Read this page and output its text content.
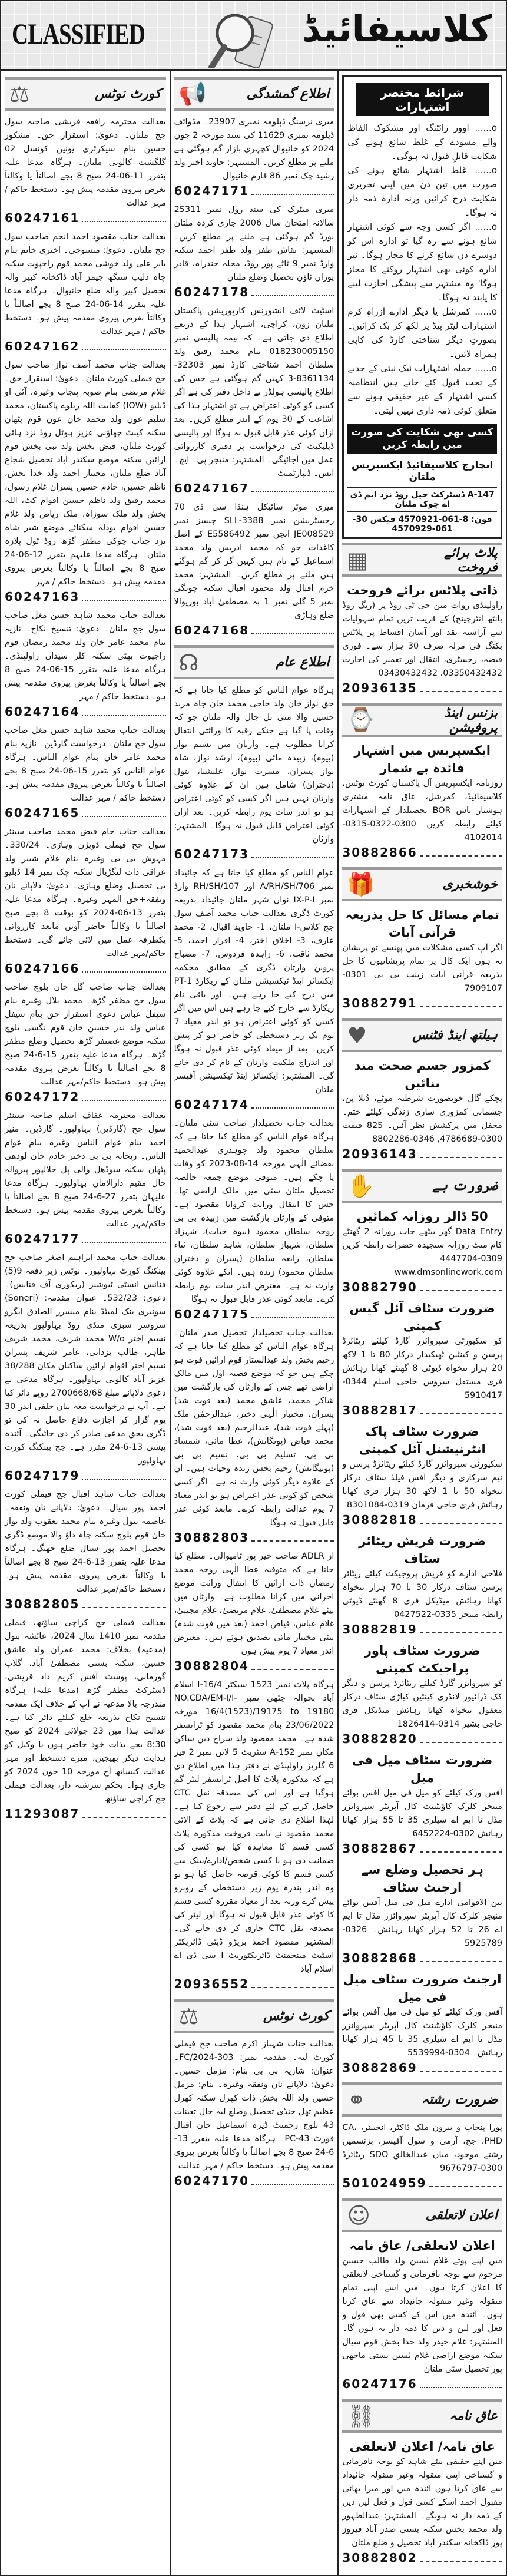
CLASSIFIED	کلاسیفائیڈ
شرائط مختصر اشتہارات
o...... اوور رائٹنگ اور مشکوک الفاظ والے مسودے کے غلط شائع ہونے کی شکایت قابلِ قبول نہ ہوگی۔
o...... غلط اشتہار شائع ہونے کی صورت میں تین دن میں اپنی تحریری شکایت درج کرائیں ورنہ ادارہ ذمہ دار نہ ہوگا۔
o...... اگر کسی وجہ سے کوئی اشتہار شائع ہونے سے رہ گیا تو ادارہ اس کو دوسرے دن شائع کرنے کا مجاز ہوگا۔ نیز ادارہ کوئی بھی اشتہار روکنے کا مجاز ہوگا' وہ مشتہر سے پیشگی اجازت لینے کا پابند نہ ہوگا۔
o...... کمرشل یا دیگر ادارے ازراہِ کرم اشتہارات لیٹر پیڈ پر لکھ کر بک کرائیں۔ بصورتِ دیگر شناختی کارڈ کی کاپی ہمراہ لائیں۔
o...... جملہ اشتہارات نیک نیتی کے جذبے کے تحت قبول کئے جاتے ہیں انتظامیہ کسی اشتہار کے غیر حقیقی ہونے سے متعلق کوئی ذمہ داری نہیں لیتی۔
کسی بھی شکایت کی صورت میں رابطہ کریں
انچارج کلاسیفائیڈ ایکسپریس ملتان
147-A ڈسٹرکٹ جیل روڈ نزد ایم ڈی اے چوک ملتان
فون: 8-061-4570921 فیکس 30-061-4570929
پلاٹ برائے فروخت
▦
ذاتی پلاٹس برائے فروخت
راولپنڈی روات مین جی ٹی روڈ پر (رنگ روڈ بانٹھ انٹرچینج) کے قریب ترین تمام سہولیات سے آراستہ نقد اور آسان اقساط پر پلاٹس بکنگ فی مرلہ صرف 30 ہزار سے۔ فوری قبضہ، رجسٹری، انتقال اور تعمیر کی اجازت 03350432432، 03430432432
20936135
بزنس اینڈ پروفیشن
⌚
ایکسپریس میں اشتہار فائدہ بے شمار
روزنامہ ایکسپریس آل پاکستان کورٹ نوٹس، کلاسیفائیڈ، کمرشل، عاق نامہ مشتری ہوشیار باش BOR تحصیلدار کے اشتہارات کیلئے رابطہ کریں 0300-0322-0315-4102014
30882866
خوشخبری
🎁
تمام مسائل کا حل بذریعہ قرآنی آیات
اگر آپ کسی مشکلات میں پھنسے تو پریشان نہ ہوں ایک کال پر تمام پریشانیوں کا حل بذریعہ قرآنی آیات زینب بی بی 0301-7909107
30882791
ہیلتھ اینڈ فٹنس
♥
کمزور جسم صحت مند بنائیں
پچکے گال خوبصورت شرطیہ موٹے، دُبلا پن، جسمانی کمزوری ساری زندگی کیلئے ختم۔ محفل میں پرکشش نظر آئیں۔ 825 قیمت 0300-4786689, 0346-8802286
20936143
ضرورت ہے
✋
50 ڈالر روزانہ کمائیں
Data Entry گھر بیٹھے جاب روزانہ 2 گھنٹے کام منٹ روزانہ سنجیدہ حضرات رابطہ کریں 0309-4447704 www.dmsonlinework.com
30882790
ضرورت سٹاف آئل گیس کمپنی
کو سکیورٹی سپروائزر گارڈ کیلئے ریٹائرڈ پرسن و کینٹین ٹھیکیدار درکار 80 تا 1 لاکھ 20 ہزار تنخواہ ڈیوٹی 8 گھنٹے کھانا رہائش فری مستقل سروس حاجی اسلم 0344-5910417
30882817
ضرورت سٹاف پاک انٹرنیشنل آئل کمپنی
سکیورٹی سپروائزر گارڈ کیلئے ریٹائرڈ پرسن و نیم سرکاری و دیگر آفس فیلڈ سٹاف درکار تنخواہ 50 تا 1 لاکھ 30 ہزار فری کھانا رہائش فری حاجی فرمان 0319-8301084
30882818
ضرورت فریش ریٹائر سٹاف
فلاحی ادارے کو فریش پروجیکٹ کیلئے ریٹائر پرسن سٹاف درکار 30 تا 70 ہزار تنخواہ کھانا رہائش میڈیکل فری 8 گھنٹے ڈیوٹی رابطہ منیجر 0335-0427522
30882819
ضرورت سٹاف پاور پراجیکٹ کمپنی
کو سپروائزر گارڈ کیلئے ریٹائرڈ پرسن و دیگر کک ڈرائیور لانڈری کینٹین کباڑی سٹاف درکار معقول تنخواہ کھانا رہائش میڈیکل فری حاجی بشیر 0314-1826414
30882820
ضرورت سٹاف میل فی میل
آفس ورک کیلئے کو میل فی میل آفس بوائے منیجر کلرک کاؤنٹینٹ کال آپریٹر سپروائزر مڈل تا ایم اے سیلری 35 تا 55 ہزار کھانا رہائش 0302-6452224
30882867
ہر تحصیل وضلع سے ارجنٹ سٹاف
بین الاقوامی ادارے میل فی میل آفس بوائے منیجر کلرک کال آپریٹر سپروائزر مڈل تا ایم اے 26 تا 52 ہزار کھانا رہائش۔ 0326-5925789
30882868
ارجنٹ ضرورت سٹاف میل فی میل
آفس ورک کیلئے کو میل فی میل آفس بوائے منیجر کلرک کاؤنٹینٹ کال آپریٹر سپروائزر مڈل تا ایم اے سیلری 35 تا 45 ہزار کھانا رہائش۔ 0304-5539994
30882869
ضرورت رشتہ
⚭
پورا پنجاب و بیرون ملک ڈاکٹر، انجینئر، CA، PHD، جج، آرمی و سول آفیسر، بزنسمین رشتے موجود، میاں عبدالخالق SDO ریٹائرڈ 0300-9676797
501024959
اعلان لاتعلقی
☺
اعلان لاتعلقی/ عاق نامہ
میں اپنے پوتے غلام یٰسین ولد طالب حسین مرحوم سے بوجہ نافرمانی و گستاخی لاتعلقی کا اعلان کرتا ہوں۔ میں اسے اپنی تمام منقولہ وغیر منقولہ جائیداد سے عاق کرتا ہوں۔ آئندہ میں اس کے کسی بھی قول و فعل اور لین و دین کا ذمہ دار نہ ہوں گا۔ المشتہر: غلام حیدر ولد خدا بخش قوم سیال سکنہ موضع اراضی غلام یٰسین بستی ماجھی پور تحصیل سٹی ملتان
60247176
عاق نامہ
⛓
عاق نامہ/ اعلان لاتعلقی
میں اپنے حقیقی بیٹے شاہد کو بوجہ نافرمانی و گستاخی اپنی منقولہ وغیر منقولہ جائیداد سے عاق کرتا ہوں آئندہ میں اور میرا بھائی مقبول احمد اسکے کسی قول و فعل لین دین کے ذمہ دار نہ ہونگے۔ المشتہر: عبدالظہور ولد محمد بخش سکنہ بستی صدر آباد فیروز پور ڈاکخانہ سکندر آباد تحصیل و ضلع ملتان
30882802
اطلاع گمشدگی
📢
میری نرسنگ ڈپلومہ نمبری 23907۔ مڈوائف ڈپلومہ نمبری 11629 کی سند مورخہ 2 جون 2024 کو خانیوال کچہری بازار گم ہوگئی ہے ملنے پر مطلع کریں۔ المشتہر: جاوید اختر ولد رشید چک نمبر 86 فارم خانیوال
60247171
میری میٹرک کی سند رول نمبر 25311 سالانہ امتحان سال 2006 جاری کردہ ملتان بورڈ گم ہوگئی ہے ملنے پر مطلع کریں۔ المشتہر: نقاش ظفر ولد ظفر احمد سکنہ وارڈ نمبر 9 ٹاٹے پور روڈ، محلہ جندراہ، قادر پوراں ٹاؤن تحصیل وضلع ملتان
60247178
اسٹیٹ لائف انشورنس کارپوریشن پاکستان ملتان زون، کراچی، اشتہار ہذا کے ذریعے اطلاع دی جاتی ہے۔ کہ بیمہ پالیسی نمبر 018230005150 بنام محمد رفیق ولد سلطان احمد شناختی کارڈ نمبر 32303-8361134-3 کہیں گم ہوگئی ہے جس کی اطلاع پالیسی ہولڈر نے داخل دفتر کی ہے اگر کسی کو کوئی اعتراض ہے تو اشتہار ہذا کی اشاعت کے 30 یوم کے اندر مطلع کریں۔ بعد ازاں کوئی عذر قابل قبول نہ ہوگا اور پالیسی ڈپلیکیٹ کی درخواست پر دفتری کارروائی عمل میں آجائیگی۔ المشتہر: منیجر پی۔ ایچ۔ ایس۔ ڈیپارٹمنٹ
60247167
میری موٹر سائیکل ہنڈا سی ڈی 70 رجسٹریشن نمبر SLL-3388 چیسز نمبر JE008529 انجن نمبر E5586492 کے اصل کاغذات جو کہ محمد ادریس ولد محمد اسماعیل کے نام ہیں کہیں گر کر گم ہوگئے ہیں ملنے پر مطلع کریں۔ المشتہر: محمد خرم اقبال ولد محمود اقبال سکنہ چونگی نمبر 5 گلی نمبر 1 بہ مصطفیٰ آباد بوریوالا ضلع وہاڑی
60247168
اطلاع عام
☊
ہرگاہ عوام الناس کو مطلع کیا جاتا ہے کہ حق نواز خان ولد حاجی محمد خان چاہ مرید حسین والا متی تل جال والہ ملتان جو کہ وفات پا گیا ہے جنکے رقبہ کا وراثتی انتقال کرانا مطلوب ہے۔ وارثان میں نسیم نواز (بیوہ)، زبیدہ مائی (بیوہ)، ارشد نواز، شاہ نواز پسران، مسرت نواز، علیشبا، بتول (دختران) شامل ہیں ان کے علاوہ کوئی وارثان نہیں ہیں اگر کسی کو کوئی اعتراض ہو تو اندر سات یوم رابطہ کریں۔ بعد ازاں کوئی اعتراض قابل قبول نہ ہوگا۔ المشتہر: وارثان
60247173
عوام الناس کو مطلع کیا جاتا ہے کہ جائیداد نمبر 706/A/RH/SH اور 107/RH/SH وارڈ نمبر IX-P-I نواں شہر ملتان جائیداد بذریعہ کورٹ ڈگری بعدالت جناب محمد آصف سول جج کلاس-I ملتان، 1- جاوید اقبال، 2- محمد عارف، 3- اخلاق اختر، 4- افراز احمد، 5- محمد ثاقب، 6- زاہدہ فردوس، 7- مصباح پروین وارثان ڈگری کے مطابق محکمہ ایکسائز اینڈ ٹیکسیشن ملتان کے ریکارڈ PT-1 میں درج کیے جا رہے ہیں۔ اور باقی نام ریکارڈ سے خارج کیے جا رہے ہیں اس میں اگر کسی کو کوئی اعتراض ہو تو اندر معیاد 7 یوم تک زیر دستخطی کو حاضر ہو کر پیش کریں۔ بعد از میعاد کوئی عذر قبول نہ ہوگا اور اندراج ملکیت وارثان کے نام کر دی جائے گی۔ المشتہر: ایکسائز اینڈ ٹیکسیشن آفیسر ملتان
60247174
بعدالت جناب تحصیلدار صاحب سٹی ملتان۔ ہرگاہ عوام الناس کو مطلع کیا جاتا ہے کہ سلطان محمود ولد چوہدری عبدالحمید بقضائے الٰہی مورخہ 14-08-2023 کو وفات پا چکے ہیں۔ متوفی موضع جمعہ خالصہ تحصیل ملتان سٹی میں مالک اراضی تھا۔ جس کا انتقال وراثت کروانا مقصود ہے۔ متوفی کے وارثان بازگشت میں زبیدہ بی بی زوجہ سلطان محمود (بیوہ حیات)، شہزاد سلطان، شہباز سلطان، شاہد سلطان، ثناء سلطان، رابعہ سلطان (پسران و دختران سلطان محمود) زندہ ہیں۔ انکے علاوہ کوئی وارث نہ ہے۔ معترض اندر سات یوم رابطہ کرے۔ مابعد کوئی عذر قابل قبول نہ ہوگا
60247175
بعدالت جناب تحصیلدار تحصیل صدر ملتان۔ ہرگاہ عوام الناس کو مطلع کیا جاتا ہے کہ رحیم بخش ولد عبدالستار قوم ارائیں فوت ہو چکے ہیں جو کہ موضع قصبہ اول میں مالک اراضی تھے جس کے وارثان کی بازگشت میں شاکر محمد، عاشق محمد (بعد فوت شد) پسران، مختیار الٰہی دختر، عبدالرحمٰن ملک (پہلے فوت شد)، عبدالرحیم (بعد فوت شد)، محمد فیاض (پوتگانش)، عطا مائی، شمشاد بی بی، تسلیم بی بی، نسیم بی بی (پوتیگانش) رحیم بخش زندہ وحیات ہیں۔ ان کے علاوہ دیگر کوئی وارث نہ ہے۔ اگر کسی شخص کو کوئی عذر اعتراض ہو تو اندر معیاد 7 یوم عدالت رابطہ کرے۔ مابعد کوئی عذر قابل قبول نہ ہوگا
30882803
از ADLR صاحب خیر پور ٹامیوالی۔ مطلع کیا جاتا ہے کہ متوفیہ عطا الٰہی زوجہ محمد رمضان ذات ارائیں کا انتقال وراثت موضع اجرانی میں کرانا مطلوب ہے۔ وارثان میں بیٹے غلام مصطفیٰ، غلام مرتضیٰ، غلام مجتبیٰ، غلام عباس، فیاض احمد (بعد میں فوت شدہ) بیٹی مختیار مائی تصدیق ہوئے ہیں۔ معترض اندر معیاد 7 یوم پیش ہوں
30882804
ہرگاہ پلاٹ نمبر 1523 سیکٹر I-16/4 اسلام آباد بحوالہ چٹھی نمبر NO.CDA/EM-I/I-16/4(1523)/19175 to 19180 مورخہ 23/06/2022 بنام محمد مقصود کو ٹرانسفر شدہ ہے۔ محمد مقصود ولد سراج دین ساکن مکان نمبر 152-A سٹریٹ 5 لائن نمبر 2 فیز 6 گلریز راولپنڈی نے دفتر ہذا میں اطلاع دی ہے کہ مذکورہ پلاٹ کا اصل ٹرانسفر لیٹر گم ہوگیا ہے اور اس کی مصدقہ نقل CTC حاصل کرنے کے لئے دفتر سے رجوع کیا ہے۔ لہٰذا اطلاع دی جاتی ہے کہ پلاٹ کے الاٹی محمد مقصود نے بابت فروخت مذکورہ پلاٹ کسی قسم کا معاہدہ کیا ہو کسی کی ضمانت دی ہو یا کسی شخص/ادارے/بینک سے کسی قسم کا کوئی قرضہ حاصل کیا ہو تو وہ اندر پندرہ یوم زیر دستخطی کے روبرو پیش کرے ورنہ بعد از معیاد مقررہ کسی قسم کا کوئی عذر قابل قبول نہ ہوگا اور لیٹر کی مصدقہ نقل CTC جاری کر دی جائے گی۔ المشتہر مقصود احمد بریڑو ڈپٹی ڈائریکٹر اسٹیٹ مینجمنٹ ڈائریکٹوریٹ I سی ڈی اے اسلام آباد
20936552
کورٹ نوٹس
⚖
بعدالت جناب شہباز اکرم صاحب جج فیملی کورٹ لیہ۔ مقدمہ نمبر: 303-FC/2024۔ عنوان: شازیہ بی بی بنام: مزمل حسین۔ دعویٰ: دلاپانے نان ونفقہ وغیرہ۔ بنام: مزمل حسین ولد اللہ بخش ذات کھرل سکنہ کھرل عظیم تھل جنڈی تحصیل وضلع لیہ حال تعینات 43 بلوچ رجمنٹ ڈیرہ اسماعیل خان اقبال فورٹ PC-43۔ ہرگاہ مدعا علیہ بتقرر 13-6-24 صبح 8 بجے اصالتاً یا وکالتاً بغرض پیروی مقدمہ پیش ہو۔ دستخط حاکم / مہر عدالت
60247170
کورٹ نوٹس
⚖
بعدالت محترمہ رافعہ قریشی صاحبہ سول جج ملتان۔ دعویٰ: استقرار حق۔ مشکور حسین بنام سیکرٹری یونین کونسل 02 گلگشت کالونی ملتان۔ ہرگاہ مدعا علیہ بتقرر 11-06-24 صبح 8 بجے اصالتاً یا وکالتاً بغرض پیروی مقدمہ پیش ہو۔ دستخط حاکم / مہر عدالت
60247161
بعدالت جناب مقصود احمد انجم صاحب سول جج ملتان۔ دعویٰ: منسوخی۔ اختری خانم بنام بابر علی ولد خوشی محمد قوم راجپوت سکنہ چاہ دلیپ سنگھ جیمز آباد ڈاکخانہ کبیر والہ تحصیل کبیر والہ ضلع خانیوال۔ ہرگاہ مدعا علیہ بتقرر 14-06-24 صبح 8 بجے اصالتاً یا وکالتاً بغرض پیروی مقدمہ پیش ہو۔ دستخط حاکم / مہر عدالت
60247162
بعدالت جناب محمد آصف نواز صاحب سول جج فیملی کورٹ ملتان۔ دعویٰ: استقرار حق۔ غلام مرتضیٰ بنام صوبہ پنجاب وغیرہ، آئی او ڈبلیو (IOW) کفایت اللہ ریلوے پاکستان، محمد سلیم عون ولد محمد خان عون قوم پٹھان سکنہ کینٹ چھاؤنی عزیز ہوٹل روڈ نزد ہائی کورٹ ملتان، فیض بخش ولد نبی بخش قوم ارائیں سکنہ موضع سکندر آباد تحصیل شجاع آباد ضلع ملتان، مختیار احمد ولد خدا بخش، ناظم حسین، خادم حسین پسران غلام رسول، محمد رفیق ولد ناظم حسین اقوام کٹ، اللہ بخش ولد ملک سوزاہ، ملک ریاض ولد غلام حسین اقوام بودلہ سکنائے موضع شیر شاہ نزد چناب چوکی مظفر گڑھ روڈ ٹول پلازہ ملتان۔ ہرگاہ مدعا علیہم بتقرر 12-06-24 صبح 8 بجے اصالتاً یا وکالتاً بغرض پیروی مقدمہ پیش ہو۔ دستخط حاکم / مہر
60247163
بعدالت جناب محمد شاہد حسن مغل صاحب سول جج ملتان۔ دعویٰ: تنسیخ نکاح۔ نازیہ بنام محمد عامر خان ولد محمد رمضان قوم راجپوت بھٹی سکنہ کلر سیداں راولپنڈی۔ ہرگاہ مدعا علیہ بتقرر 15-06-24 صبح 8 بجے اصالتاً یا وکالتاً بغرض پیروی مقدمہ پیش ہو۔ دستخط حاکم / مہر
60247164
بعدالت جناب محمد شاہد حسن مغل صاحب سول جج ملتان۔ درخواست گارڈین۔ نازیہ بنام محمد عامر خان بنام عوام الناس۔ ہرگاہ عوام الناس کو بتقرر 15-06-24 صبح 8 بجے اصالتاً یا وکالتاً بغرض پیروی مقدمہ پیش ہو۔ دستخط حاکم / مہر عدالت
60247165
بعدالت جناب جام فیض محمد صاحب سینئر سول جج فیملی ڈویژن وہاڑی۔ 330/24۔ مہوش بی بی وغیرہ بنام غلام شبیر ولد عراقی ذات لنگڑیال سکنہ چک نمبر 14 ڈبلیو بی تحصیل وضلع وہاڑی۔ دعویٰ: دلاپانے نان ونفقہ+حق المہر وغیرہ۔ ہرگاہ مدعا علیہ بتقرر 13-06-2024 کو بوقت 8 بجے صبح اصالتاً یا وکالتاً حاضر آویں مابعد کارروائی یکطرفہ عمل میں لائی جائے گی۔ دستخط حاکم/مہر عدالت
60247166
بعدالت جناب صاحب گل خان بلوچ صاحب سول جج مظفر گڑھ۔ محمد بلال وغیرہ بنام سیفل عباس دعویٰ استقرار حق بنام سیفل عباس ولد نذر حسین خان قوم نگسی بلوچ سکنہ موضع غضنفر گڑھ تحصیل وضلع مظفر گڑھ۔ ہرگاہ مدعا علیہ بتقرر 15-6-24 صبح 8 بجے اصالتاً یا وکالتاً بغرض پیروی مقدمہ پیش ہو۔ دستخط حاکم/مہر عدالت
60247172
بعدالت محترمہ عفاف اسلم صاحبہ سینئر سول جج (گارڈین) بہاولپور۔ گارڈین۔ منیر احمد بنام عوام الناس وغیرہ بنام عوام الناس۔ ریحانہ بی بی دختر خادم خان لودھی پٹھان سکنہ سوڈھل والی پل جلالپور پیروالہ حال مقیم دارالامان بہاولپور۔ ہرگاہ مدعا علیہان بتقرر 27-6-24 صبح 8 بجے اصالتاً یا وکالتاً بغرض پیروی مقدمہ پیش ہو۔ دستخط حاکم/مہر عدالت
60247177
بعدالت جناب محمد ابراہیم اصغر صاحب جج بینکنگ کورٹ بہاولپور۔ نوٹس زیر دفعہ 9(5) فنانس انسٹی ٹیوشنز (ریکوری آف فنانس)۔ دعویٰ: 532/23۔ عنوان مقدمہ: (Soneri) سونیری بنک لمیٹڈ بنام میسرز الصادق ایگرو سروسز سبزی منڈی روڈ بہاولپور بذریعہ نسیم اختر W/o محمد شریف، محمد شریف طاہر، طالب یزدانی، عامر شریف پسران نسیم اختر اقوام ارائیں ساکنان مکان 38/288 عزیز آباد کالونی بہاولپور۔ ہرگاہ مدعی نے دعویٰ دلاپانے مبلغ 2700668/68 روپے دائر کیا ہے۔ آپ نے درخواست معہ بیان حلفی اندر 30 یوم گزار کر اجازت دفاع حاصل نہ کی تو ڈگری بحق مدعی صادر کر دی جائیگی۔ آئندہ پیشی 13-6-24 مقرر ہے۔ جج بینکنگ کورٹ بہاولپور
60247179
بعدالت جناب شاہد اقبال جج فیملی کورٹ احمد پور سیال۔ دعویٰ: دلاپانے نان ونفقہ۔ عاصمہ بتول وغیرہ بنام محمد یعقوب ولد نواز خان قوم بلوچ سکنہ چاہ داؤ والا موضع ڈگری تحصیل احمد پور سیال ضلع جھنگ۔ ہرگاہ مدعا علیہ بتقرر 13-6-24 صبح 8 بجے اصالتاً یا وکالتاً بغرض پیروی مقدمہ پیش ہو۔ دستخط حاکم/مہر عدالت
30882805
بعدالت فیملی جج کراچی ساؤتھ، فیملی مقدمہ نمبر 1410 سال 2024، عائشہ بتول (مدعیہ) بخلاف: محمد عمران ولد عاشق حسین، سکنہ بستی مصطفیٰ آباد، گلاب گورمانی، پوسٹ آفس کریم داد قریشی، ڈسٹرکٹ مظفر گڑھ (مدعا علیہ) ہرگاہ مندرجہ بالا مدعیہ نے آپ کے خلاف ایک مقدمہ تنسیخ نکاح بذریعہ خلع کیلئے دائر کیا ہے۔ عدالت ہذا میں 23 جولائی 2024 کو صبح 8:30 بجے بذات خود حاضر ہوں یا وکیل کو ہدایت دیکر بھیجیں، میرے دستخط اور مہر عدالت کیساتھ آج مورخہ 10 جون 2024 کو جاری ہوا۔ بحکم سرشتہ دار، بعدالت فیملی جج کراچی ساؤتھ
11293087
